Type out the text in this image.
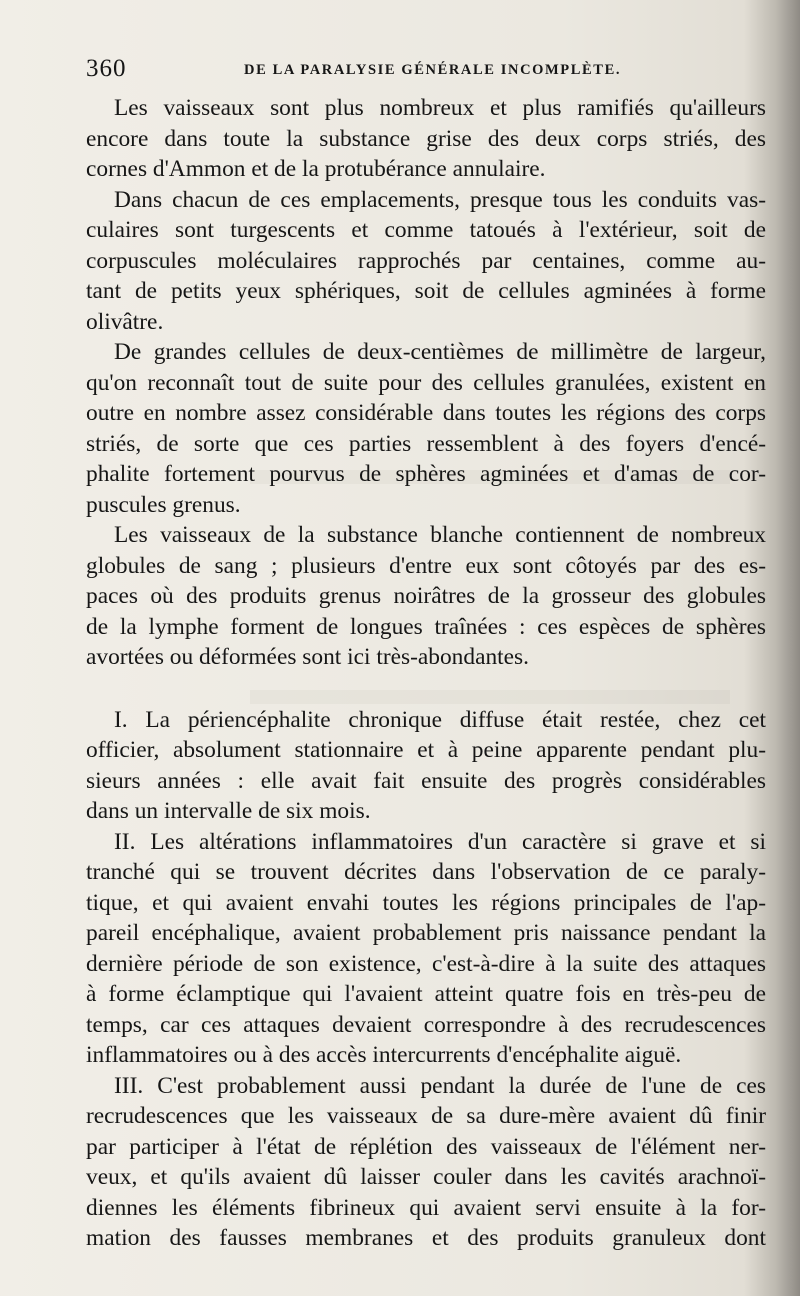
360	DE LA PARALYSIE GÉNÉRALE INCOMPLÈTE.

Les vaisseaux sont plus nombreux et plus ramifiés qu'ailleurs

encore dans toute la substance grise des deux corps striés, des

cornes d'Ammon et de la protubérance annulaire.

Dans chacun de ces emplacements, presque tous les conduits vas-

culaires sont turgescents et comme tatoués à l'extérieur, soit de

corpuscules moléculaires rapprochés par centaines, comme au-

tant de petits yeux sphériques, soit de cellules agminées à forme

olivâtre.

De grandes cellules de deux-centièmes de millimètre de largeur,

qu'on reconnaît tout de suite pour des cellules granulées, existent en

outre en nombre assez considérable dans toutes les régions des corps

striés, de sorte que ces parties ressemblent à des foyers d'encé-

phalite fortement pourvus de sphères agminées et d'amas de cor-

puscules grenus.

Les vaisseaux de la substance blanche contiennent de nombreux

globules de sang ; plusieurs d'entre eux sont côtoyés par des es-

paces où des produits grenus noirâtres de la grosseur des globules

de la lymphe forment de longues traînées : ces espèces de sphères

avortées ou déformées sont ici très-abondantes.

I. La périencéphalite chronique diffuse était restée, chez cet

officier, absolument stationnaire et à peine apparente pendant plu-

sieurs années : elle avait fait ensuite des progrès considérables

dans un intervalle de six mois.

II. Les altérations inflammatoires d'un caractère si grave et si

tranché qui se trouvent décrites dans l'observation de ce paraly-

tique, et qui avaient envahi toutes les régions principales de l'ap-

pareil encéphalique, avaient probablement pris naissance pendant la

dernière période de son existence, c'est-à-dire à la suite des attaques

à forme éclamptique qui l'avaient atteint quatre fois en très-peu de

temps, car ces attaques devaient correspondre à des recrudescences

inflammatoires ou à des accès intercurrents d'encéphalite aiguë.

III. C'est probablement aussi pendant la durée de l'une de ces

recrudescences que les vaisseaux de sa dure-mère avaient dû finir

par participer à l'état de réplétion des vaisseaux de l'élément ner-

veux, et qu'ils avaient dû laisser couler dans les cavités arachnoï-

diennes les éléments fibrineux qui avaient servi ensuite à la for-

mation des fausses membranes et des produits granuleux dont
